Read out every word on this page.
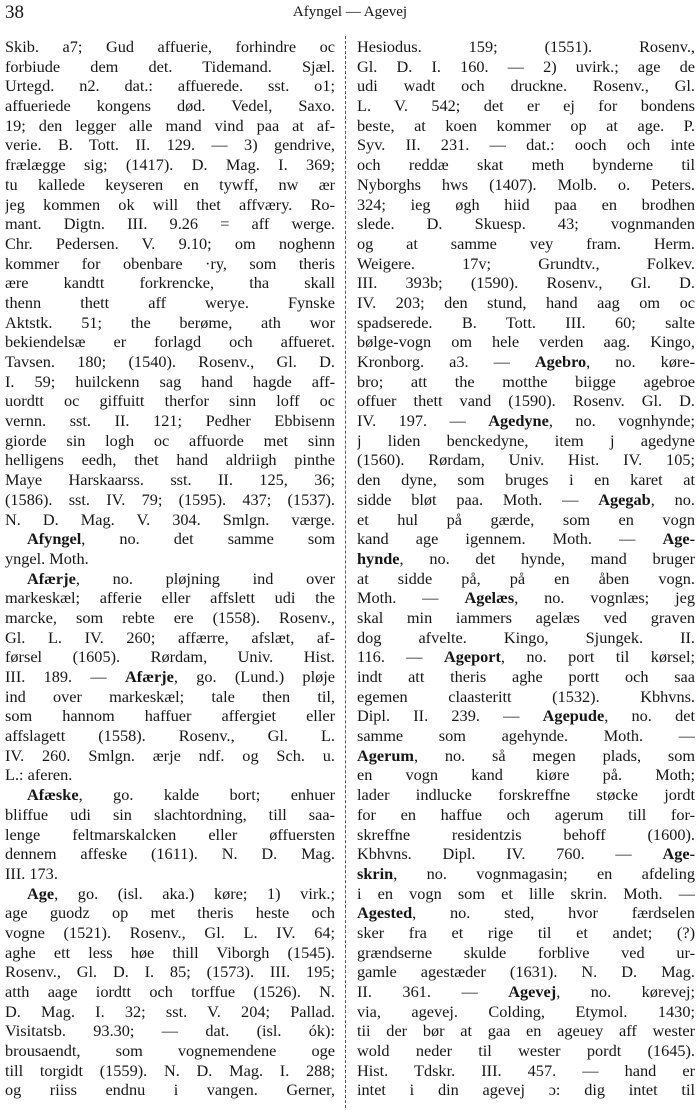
38	Afyngel — Agevej
Skib. a7; Gud affuerie, forhindre oc
forbiude dem det. Tidemand. Sjæl.
Urtegd. n2. dat.: affuerede. sst. o1;
affueriede kongens død. Vedel, Saxo.
19; den legger alle mand vind paa at af-
verie. B. Tott. II. 129. — 3) gendrive,
frælægge sig; (1417). D. Mag. I. 369;
tu kallede keyseren en tywff, nw ær
jeg kommen ok will thet affværy. Ro-
mant. Digtn. III. 9.26 = aff werge.
Chr. Pedersen. V. 9.10; om noghenn
kommer for obenbare ·ry, som theris
ære kandtt forkrencke, tha skall
thenn thett aff werye. Fynske
Aktstk. 51; the berøme, ath wor
bekiendelsæ er forlagd och affueret.
Tavsen. 180; (1540). Rosenv., Gl. D.
I. 59; huilckenn sag hand hagde aff-
uordtt oc giffuitt therfor sinn loff oc
vernn. sst. II. 121; Pedher Ebbisenn
giorde sin logh oc affuorde met sinn
helligens eedh, thet hand aldriigh pinthe
Maye Harskaarss. sst. II. 125, 36;
(1586). sst. IV. 79; (1595). 437; (1537).
N. D. Mag. V. 304. Smlgn. værge.
Afyngel, no. det samme som
yngel. Moth.
Afærje, no. pløjning ind over
markeskæl; afferie eller affslett udi the
marcke, som rebte ere (1558). Rosenv.,
Gl. L. IV. 260; affærre, afslæt, af-
førsel (1605). Rørdam, Univ. Hist.
III. 189. — Afærje, go. (Lund.) pløje
ind over markeskæl; tale then til,
som hannom haffuer affergiet eller
affslagett (1558). Rosenv., Gl. L.
IV. 260. Smlgn. ærje ndf. og Sch. u.
L.: aferen.
Afæske, go. kalde bort; enhuer
bliffue udi sin slachtordning, till saa-
lenge feltmarskalcken eller øffuersten
dennem affeske (1611). N. D. Mag.
III. 173.
Age, go. (isl. aka.) køre; 1) virk.;
age guodz op met theris heste och
vogne (1521). Rosenv., Gl. L. IV. 64;
aghe ett less høe thill Viborgh (1545).
Rosenv., Gl. D. I. 85; (1573). III. 195;
atth aage iordtt och torffue (1526). N.
D. Mag. I. 32; sst. V. 204; Pallad.
Visitatsb. 93.30; — dat. (isl. ók):
brousaendt, som vognemendene oge
till torgidt (1559). N. D. Mag. I. 288;
og riiss endnu i vangen. Gerner,
Hesiodus. 159; (1551). Rosenv.,
Gl. D. I. 160. — 2) uvirk.; age de
udi wadt och druckne. Rosenv., Gl.
L. V. 542; det er ej for bondens
beste, at koen kommer op at age. P.
Syv. II. 231. — dat.: ooch och inte
och reddæ skat meth bynderne til
Nyborghs hws (1407). Molb. o. Peters.
324; ieg øgh hiid paa en brodhen
slede. D. Skuesp. 43; vognmanden
og at samme vey fram. Herm.
Weigere. 17v; Grundtv., Folkev.
III. 393b; (1590). Rosenv., Gl. D.
IV. 203; den stund, hand aag om oc
spadserede. B. Tott. III. 60; salte
bølge-vogn om hele verden aag. Kingo,
Kronborg. a3. — Agebro, no. køre-
bro; att the motthe biigge agebroe
offuer thett vand (1590). Rosenv. Gl. D.
IV. 197. — Agedyne, no. vognhynde;
j liden benckedyne, item j agedyne
(1560). Rørdam, Univ. Hist. IV. 105;
den dyne, som bruges i en karet at
sidde bløt paa. Moth. — Agegab, no.
et hul på gærde, som en vogn
kand age igennem. Moth. — Age-
hynde, no. det hynde, mand bruger
at sidde på, på en åben vogn.
Moth. — Agelæs, no. vognlæs; jeg
skal min iammers agelæs ved graven
dog afvelte. Kingo, Sjungek. II.
116. — Ageport, no. port til kørsel;
indt att theris aghe portt och saa
egemen claasteritt (1532). Kbhvns.
Dipl. II. 239. — Agepude, no. det
samme som agehynde. Moth. —
Agerum, no. så megen plads, som
en vogn kand kiøre på. Moth;
lader indlucke forskreffne støcke jordt
for en haffue och agerum till for-
skreffne residentzis behoff (1600).
Kbhvns. Dipl. IV. 760. — Age-
skrin, no. vognmagasin; en afdeling
i en vogn som et lille skrin. Moth. —
Agested, no. sted, hvor færdselen
sker fra et rige til et andet; (?)
grændserne skulde forblive ved ur-
gamle agestæder (1631). N. D. Mag.
II. 361. — Agevej, no. kørevej;
via, agevej. Colding, Etymol. 1430;
tii der bør at gaa en ageuey aff wester
wold neder til wester pordt (1645).
Hist. Tdskr. III. 457. — hand er
intet i din agevej ɔ: dig intet til
